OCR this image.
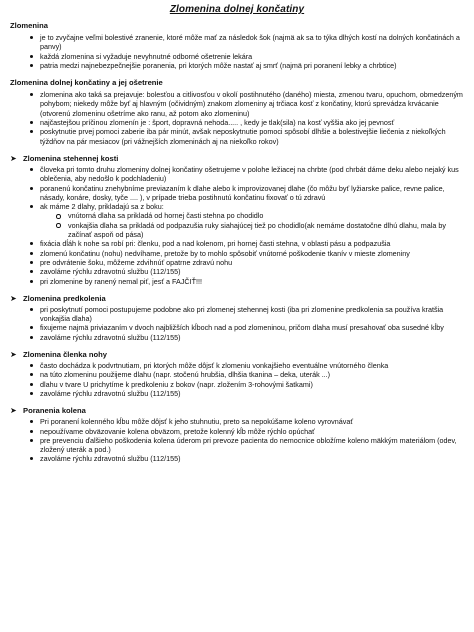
Zlomenina dolnej končatiny
Zlomenina
je to zvyčajne veľmi bolestivé zranenie, ktoré môže mať za následok šok (najmä ak sa to týka dlhých kostí na dolných končatinách a panvy)
každá zlomenina si vyžaduje nevyhnutné odborné ošetrenie lekára
patria medzi najnebezpečnejšie poranenia, pri ktorých môže nastať aj smrť (najmä pri poranení lebky a chrbtice)
Zlomenina dolnej končatiny a jej ošetrenie
zlomenina ako taká sa prejavuje: bolesťou a citlivosťou v okolí postihnutého (daného) miesta, zmenou tvaru, opuchom, obmedzeným pohybom; niekedy môže byť aj hlavným (očividným) znakom zlomeniny aj trčiaca kosť z končatiny, ktorú sprevádza krvácanie (otvorenú zlomeninu ošetríme ako ranu, až potom ako zlomeninu)
najčastejšou príčinou zlomenín je : šport, dopravná nehoda..... , kedy je tlak(sila) na kosť vyššia ako jej pevnosť
poskytnutie prvej pomoci zaberie iba pár minút, avšak neposkytnutie pomoci spôsobí dlhšie a bolestivejšie liečenia z niekoľkých týždňov na pár mesiacov (pri vážnejších zlomeninách aj na niekoľko rokov)
➤ Zlomenina stehennej kosti
človeka pri tomto druhu zlomeniny dolnej končatiny ošetrujeme v polohe ležiacej na chrbte (pod chrbát dáme deku alebo nejaký kus oblečenia, aby nedošlo k podchladeniu)
poranenú končatinu znehybníme previazaním k dlahe alebo k improvizovanej dlahe (čo môžu byť lyžiarske palice, revne palice, násady, konáre, dosky, tyče .... ), v prípade trieba postihnutú končatinu fixovať o tú zdravú
ak máme 2 dlahy, prikladajú sa z boku:
vnútorná dlaha sa prikladá od hornej časti stehna po chodidlo
vonkajšia dlaha sa prikladá od podpazušia ruky siahajúcej tiež po chodidlo(ak nemáme dostatočne dlhú dlahu, mala by začínať aspoň od pása)
fixácia dĺáh k nohe sa robí pri: členku, pod a nad kolenom, pri hornej časti stehna, v oblasti pásu a podpazušia
zlomenú končatinu (nohu) nedvíhame, pretože by to mohlo spôsobiť vnútorné poškodenie tkanív v mieste zlomeniny
pre odvrátenie šoku, môžeme zdvihnúť opatrne zdravú nohu
zavoláme rýchlu zdravotnú službu (112/155)
pri zlomenine by ranený nemal piť, jesť a FAJČIŤ!!!
➤ Zlomenina predkolenia
pri poskytnutí pomoci postupujeme podobne ako pri zlomenej stehennej kosti (iba pri zlomenine predkolenia sa používa kratšia vonkajšia dlaha)
fixujeme najmä priviazaním v dvoch najbližších kĺboch nad a pod zlomeninou, pričom dlaha musí presahovať oba susedné kĺby
zavoláme rýchlu zdravotnú službu (112/155)
➤ Zlomenina členka nohy
často dochádza k podvrtnutiam, pri ktorých môže dôjsť k zlomeniu vonkajšieho eventuálne vnútorného členka
na túto zlomeninu použijeme dlahu (napr. stočenú hrubšia, dlhšia tkanina – deka, uterák ...)
dlahu v tvare U prichytíme k predkoleniu z bokov (napr. zložením 3-rohovými šatkami)
zavoláme rýchlu zdravotnú službu (112/155)
➤ Poranenia kolena
Pri poranení kolenného kĺbu môže dôjsť k jeho stuhnutiu, preto sa nepokúšame koleno vyrovnávať
nepoužívame obväzovanie kolena obväzom, pretože kolenný kĺb môže rýchlo opúchať
pre prevenciu ďalšieho poškodenia kolena úderom pri prevoze pacienta do nemocnice obložíme koleno mäkkým materiálom (odev, zložený uterák a pod.)
zavoláme rýchlu zdravotnú službu (112/155)
